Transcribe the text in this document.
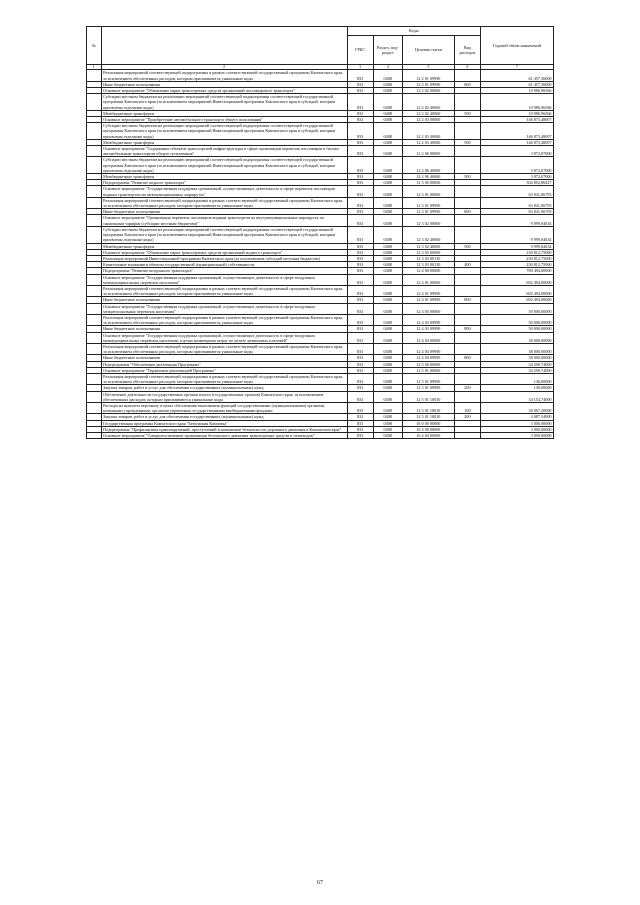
№		Коды				Годовой объем назначений
		ГРБС	Раздел, под-раздел	Целевая статья	Вид расходов	
1	2	3	4	5	6	7
	Реализация мероприятий соответствующей подпрограммы в рамках соответствующей государственной программы Камчатского края, за исключением обеспеченных расходов, которым присваиваются уникальные коды	833	0408	12 2 01 09990		61 457,36000
	Иные бюджетные ассигнования	833	0408	12 2 01 09990	800	61 457,36000
	Основное мероприятие "Обновление парка транспортных средств организаций пассажирского транспорта"	833	0408	12 2 02 00000		10 986,96566
	Субсидии местным бюджетам на реализацию мероприятий соответствующей подпрограммы соответствующей государственной программы Камчатского края (за исключением мероприятий Инвестиционной программы Камчатского края и субсидий, которым присвоены отдельные коды)	833	0408	12 2 02 40060		10 986,96566
	Межбюджетные трансферты	833	0408	12 2 02 40060	500	10 986,96566
	Основное мероприятие "Приобретение автомобильного транспорта общего пользования"	833	0408	12 2 03 00000		146 873,48007
	Субсидии местным бюджетам на реализацию мероприятий соответствующей подпрограммы соответствующей государственной программы Камчатского края (за исключением мероприятий Инвестиционной программы Камчатского края и субсидий, которым присвоены отдельные коды)	833	0408	12 2 03 40060		146 873,48007
	Межбюджетные трансферты	833	0408	12 2 03 40060	500	146 873,48007
	Основное мероприятие "Содержание объектов транспортной инфраструктуры в сфере организации перевозок пассажиров и багажа автомобильным транспортом общего пользования"	833	0408	12 2 06 00000		3 872,07000
	Субсидии местным бюджетам на реализацию мероприятий соответствующей подпрограммы соответствующей государственной программы Камчатского края (за исключением мероприятий Инвестиционной программы Камчатского края и субсидий, которым присвоены отдельные коды)	833	0408	12 2 06 40060		3 872,07000
	Межбюджетные трансферты	833	0408	12 2 06 40060	500	3 872,07000
	Подпрограмма "Развитие водного транспорта"	833	0408	12 3 00 00000		304 852,86427
	Основное мероприятие "Государственная поддержка организаций, осуществляющих деятельность в сфере перевозок пассажиров водным транспортом на межмуниципальных маршрутах"	833	0408	12 3 01 00000		63 841,06793
	Реализация мероприятий соответствующей подпрограммы в рамках соответствующей государственной программы Камчатского края, за исключением обеспеченных расходов, которым присваиваются уникальные коды	833	0408	12 3 01 09990		63 841,06793
	Иные бюджетные ассигнования	833	0408	12 3 01 09990	800	63 841,06793
	Основное мероприятие "Организация перевозок пассажиров водным транспортом на внутримуниципальных маршрутах по сниженным тарифам (субсидии местным бюджетам)"	833	0408	12 3 02 00000		9 999,04634
	Субсидии местным бюджетам на реализацию мероприятий соответствующей подпрограммы соответствующей государственной программы Камчатского края (за исключением мероприятий Инвестиционной программы Камчатского края и субсидий, которым присвоены отдельные коды)	833	0408	12 3 02 40060		9 999,04634
	Межбюджетные трансферты	833	0408	12 3 02 40060	500	9 999,04634
	Основное мероприятие "Обновление парка транспортных средств организаций водного транспорта"	833	0408	12 3 03 00000		230 812,75000
	Реализация мероприятий Инвестиционной программы Камчатского края (за исключением субсидий местным бюджетам)	833	0408	12 3 03 00130		230 812,75000
	Капитальные вложения в объекты государственной (муниципальной) собственности	833	0408	12 3 03 00130	400	230 812,75000
	Подпрограмма "Развитие воздушного транспорта"	833	0408	12 4 00 00000		780 494,00000
	Основное мероприятие "Государственная поддержка организаций, осуществляющих деятельность в сфере воздушных межмуниципальных перевозок населения"	833	0408	12 4 01 00000		692 494,00000
	Реализация мероприятий соответствующей подпрограммы в рамках соответствующей государственной программы Камчатского края, за исключением обеспеченных расходов, которым присваиваются уникальные коды	833	0408	12 4 01 09990		692 494,00000
	Иные бюджетные ассигнования	833	0408	12 4 01 09990	800	692 494,00000
	Основное мероприятие "Государственная поддержка организаций, осуществляющих деятельность в сфере воздушных межрегиональных перевозок населения"	833	0408	12 4 03 00000		50 000,00000
	Реализация мероприятий соответствующей подпрограммы в рамках соответствующей государственной программы Камчатского края, за исключением обеспеченных расходов, которым присваиваются уникальные коды	833	0408	12 4 03 09990		50 000,00000
	Иные бюджетные ассигнования	833	0408	12 4 03 09990	800	50 000,00000
	Основное мероприятие "Государственная поддержка организаций, осуществляющих деятельность в сфере воздушных межмуниципальных перевозок населения, в целях возмещения затрат по уплате лизинговых платежей"	833	0408	12 4 04 00000		38 000,00000
	Реализация мероприятий соответствующей подпрограммы в рамках соответствующей государственной программы Камчатского края, за исключением обеспеченных расходов, которым присваиваются уникальные коды	833	0408	12 4 04 09990		38 000,00000
	Иные бюджетные ассигнования	833	0408	12 4 04 09990	800	38 000,00000
	Подпрограмма "Обеспечение реализации Программы"	833	0408	12 5 00 00000		34 290,74000
	Основное мероприятие "Управление реализацией Программы"	833	0408	12 5 01 00000		34 290,74000
	Реализация мероприятий соответствующей подпрограммы в рамках соответствующей государственной программы Камчатского края, за исключением обеспеченных расходов, которым присваиваются уникальные коды	833	0408	12 5 01 09990		136,00000
	Закупка товаров, работ и услуг для обеспечения государственных (муниципальных) нужд	833	0408	12 5 01 09990	200	136,00000
	Обеспечение деятельности государственных органов власти (государственных органов) Камчатского края, за исключением обеспеченных расходов, которым присваиваются уникальные коды	833	0408	12 5 01 10010		34 154,74000
	Расходы на выплаты персоналу в целях обеспечения выполнения функций государственными (муниципальными) органами, казенными учреждениями, органами управления государственными внебюджетными фондами	833	0408	12 5 01 10010	100	30 067,20000
	Закупка товаров, работ и услуг для обеспечения государственных (муниципальных) нужд	833	0408	12 5 01 10010	200	4 087,54000
	Государственная программа Камчатского края "Безопасная Камчатка"	833	0408	16 0 00 00000		3 000,00000
	Подпрограмма "Профилактика правонарушений, преступлений и повышение безопасности дорожного движения в Камчатском крае"	833	0408	16 4 00 00000		3 000,00000
	Основное мероприятие "Совершенствование организации безопасного движения транспортных средств и пешеходов"	833	0408	16 4 04 00000		3 000,00000
67
